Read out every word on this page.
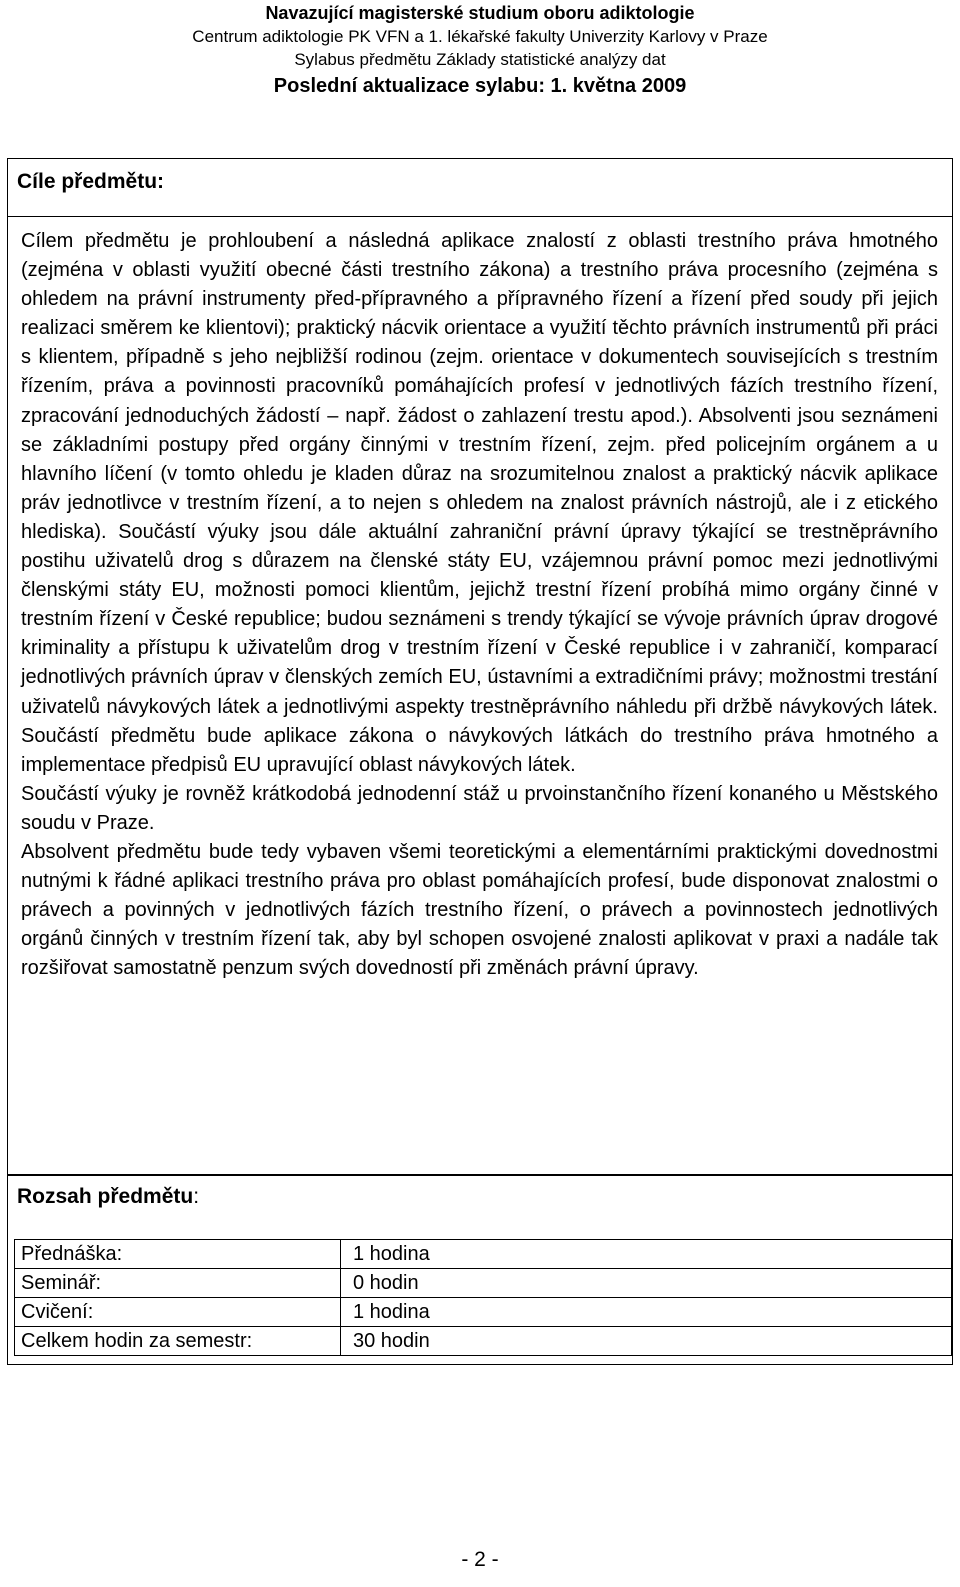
Navazující magisterské studium oboru adiktologie
Centrum adiktologie PK VFN a 1. lékařské fakulty Univerzity Karlovy v Praze
Sylabus předmětu Základy statistické analýzy dat
Poslední aktualizace sylabu: 1. května 2009
Cíle předmětu:

Cílem předmětu je prohloubení a následná aplikace znalostí z oblasti trestního práva hmotného (zejména v oblasti využití obecné části trestního zákona) a trestního práva procesního (zejména s ohledem na právní instrumenty před-přípravného a přípravného řízení a řízení před soudy při jejich realizaci směrem ke klientovi); praktický nácvik orientace a využití těchto právních instrumentů při práci s klientem, případně s jeho nejbližší rodinou (zejm. orientace v dokumentech souvisejících s trestním řízením, práva a povinnosti pracovníků pomáhajících profesí v jednotlivých fázích trestního řízení, zpracování jednoduchých žádostí – např. žádost o zahlazení trestu apod.). Absolventi jsou seznámeni se základními postupy před orgány činnými v trestním řízení, zejm. před policejním orgánem a u hlavního líčení (v tomto ohledu je kladen důraz na srozumitelnou znalost a praktický nácvik aplikace práv jednotlivce v trestním řízení, a to nejen s ohledem na znalost právních nástrojů, ale i z etického hlediska). Součástí výuky jsou dále aktuální zahraniční právní úpravy týkající se trestněprávního postihu uživatelů drog s důrazem na členské státy EU, vzájemnou právní pomoc mezi jednotlivými členskými státy EU, možnosti pomoci klientům, jejichž trestní řízení probíhá mimo orgány činné v trestním řízení v České republice; budou seznámeni s trendy týkající se vývoje právních úprav drogové kriminality a přístupu k uživatelům drog v trestním řízení v České republice i v zahraničí, komparací jednotlivých právních úprav v členských zemích EU, ústavními a extradičními právy; možnostmi trestání uživatelů návykových látek a jednotlivými aspekty trestněprávního náhledu při držbě návykových látek. Součástí předmětu bude aplikace zákona o návykových látkách do trestního práva hmotného a implementace předpisů EU upravující oblast návykových látek.

Součástí výuky je rovněž krátkodobá jednodenní stáž u prvoinstančního řízení konaného u Městského soudu v Praze.

Absolvent předmětu bude tedy vybaven všemi teoretickými a elementárními praktickými dovednostmi nutnými k řádné aplikaci trestního práva pro oblast pomáhajících profesí, bude disponovat znalostmi o právech a povinných v jednotlivých fázích trestního řízení, o právech a povinnostech jednotlivých orgánů činných v trestním řízení tak, aby byl schopen osvojené znalosti aplikovat v praxi a nadále tak rozšiřovat samostatně penzum svých dovedností při změnách právní úpravy.

Rozsah předmětu:
Přednáška:	1 hodina
Seminář:	0 hodin
Cvičení:	1 hodina
Celkem hodin za semestr:	30 hodin
- 2 -
